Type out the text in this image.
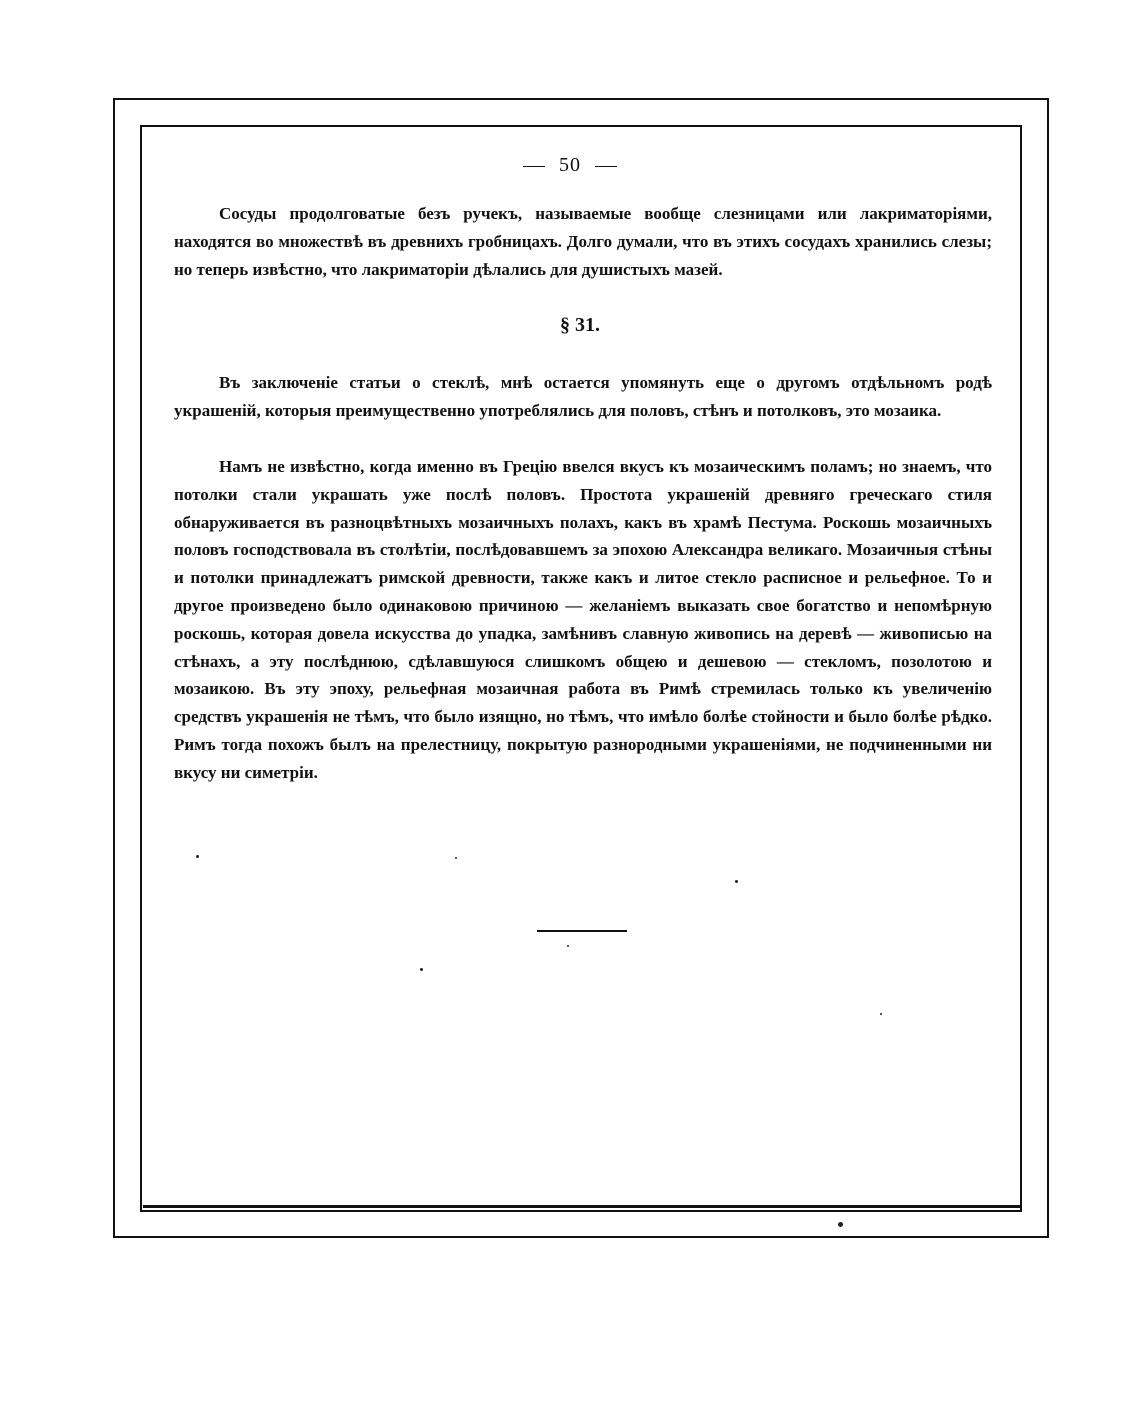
50

Сосуды продолговатые безъ ручекъ, называемые вообще слезницами или лакриматоріями, находятся во множествѣ въ древнихъ гробницахъ. Долго думали, что въ этихъ сосудахъ хранились слезы; но теперь извѣстно, что лакриматоріи дѣлались для душистыхъ мазей.

§ 31.

Въ заключеніе статьи о стеклѣ, мнѣ остается упомянуть еще о другомъ отдѣльномъ родѣ украшеній, которыя преимущественно употреблялись для половъ, стѣнъ и потолковъ, это мозаика.

Намъ не извѣстно, когда именно въ Грецію ввелся вкусъ къ мозаическимъ поламъ; но знаемъ, что потолки стали украшать уже послѣ половъ. Простота украшеній древняго греческаго стиля обнаруживается въ разноцвѣтныхъ мозаичныхъ полахъ, какъ въ храмѣ Пестума. Роскошь мозаичныхъ половъ господствовала въ столѣтіи, послѣдовавшемъ за эпохою Александра великаго. Мозаичныя стѣны и потолки принадлежатъ римской древности, также какъ и литое стекло расписное и рельефное. То и другое произведено было одинаковою причиною — желаніемъ выказать свое богатство и непомѣрную роскошь, которая довела искусства до упадка, замѣнивъ славную живопись на деревѣ — живописью на стѣнахъ, а эту послѣднюю, сдѣлавшуюся слишкомъ общею и дешевою — стекломъ, позолотою и мозаикою. Въ эту эпоху, рельефная мозаичная работа въ Римѣ стремилась только къ увеличенію средствъ украшенія не тѣмъ, что было изящно, но тѣмъ, что имѣло болѣе стойности и было болѣе рѣдко. Римъ тогда похожъ былъ на прелестницу, покрытую разнородными украшеніями, не подчиненными ни вкусу ни симетріи.
